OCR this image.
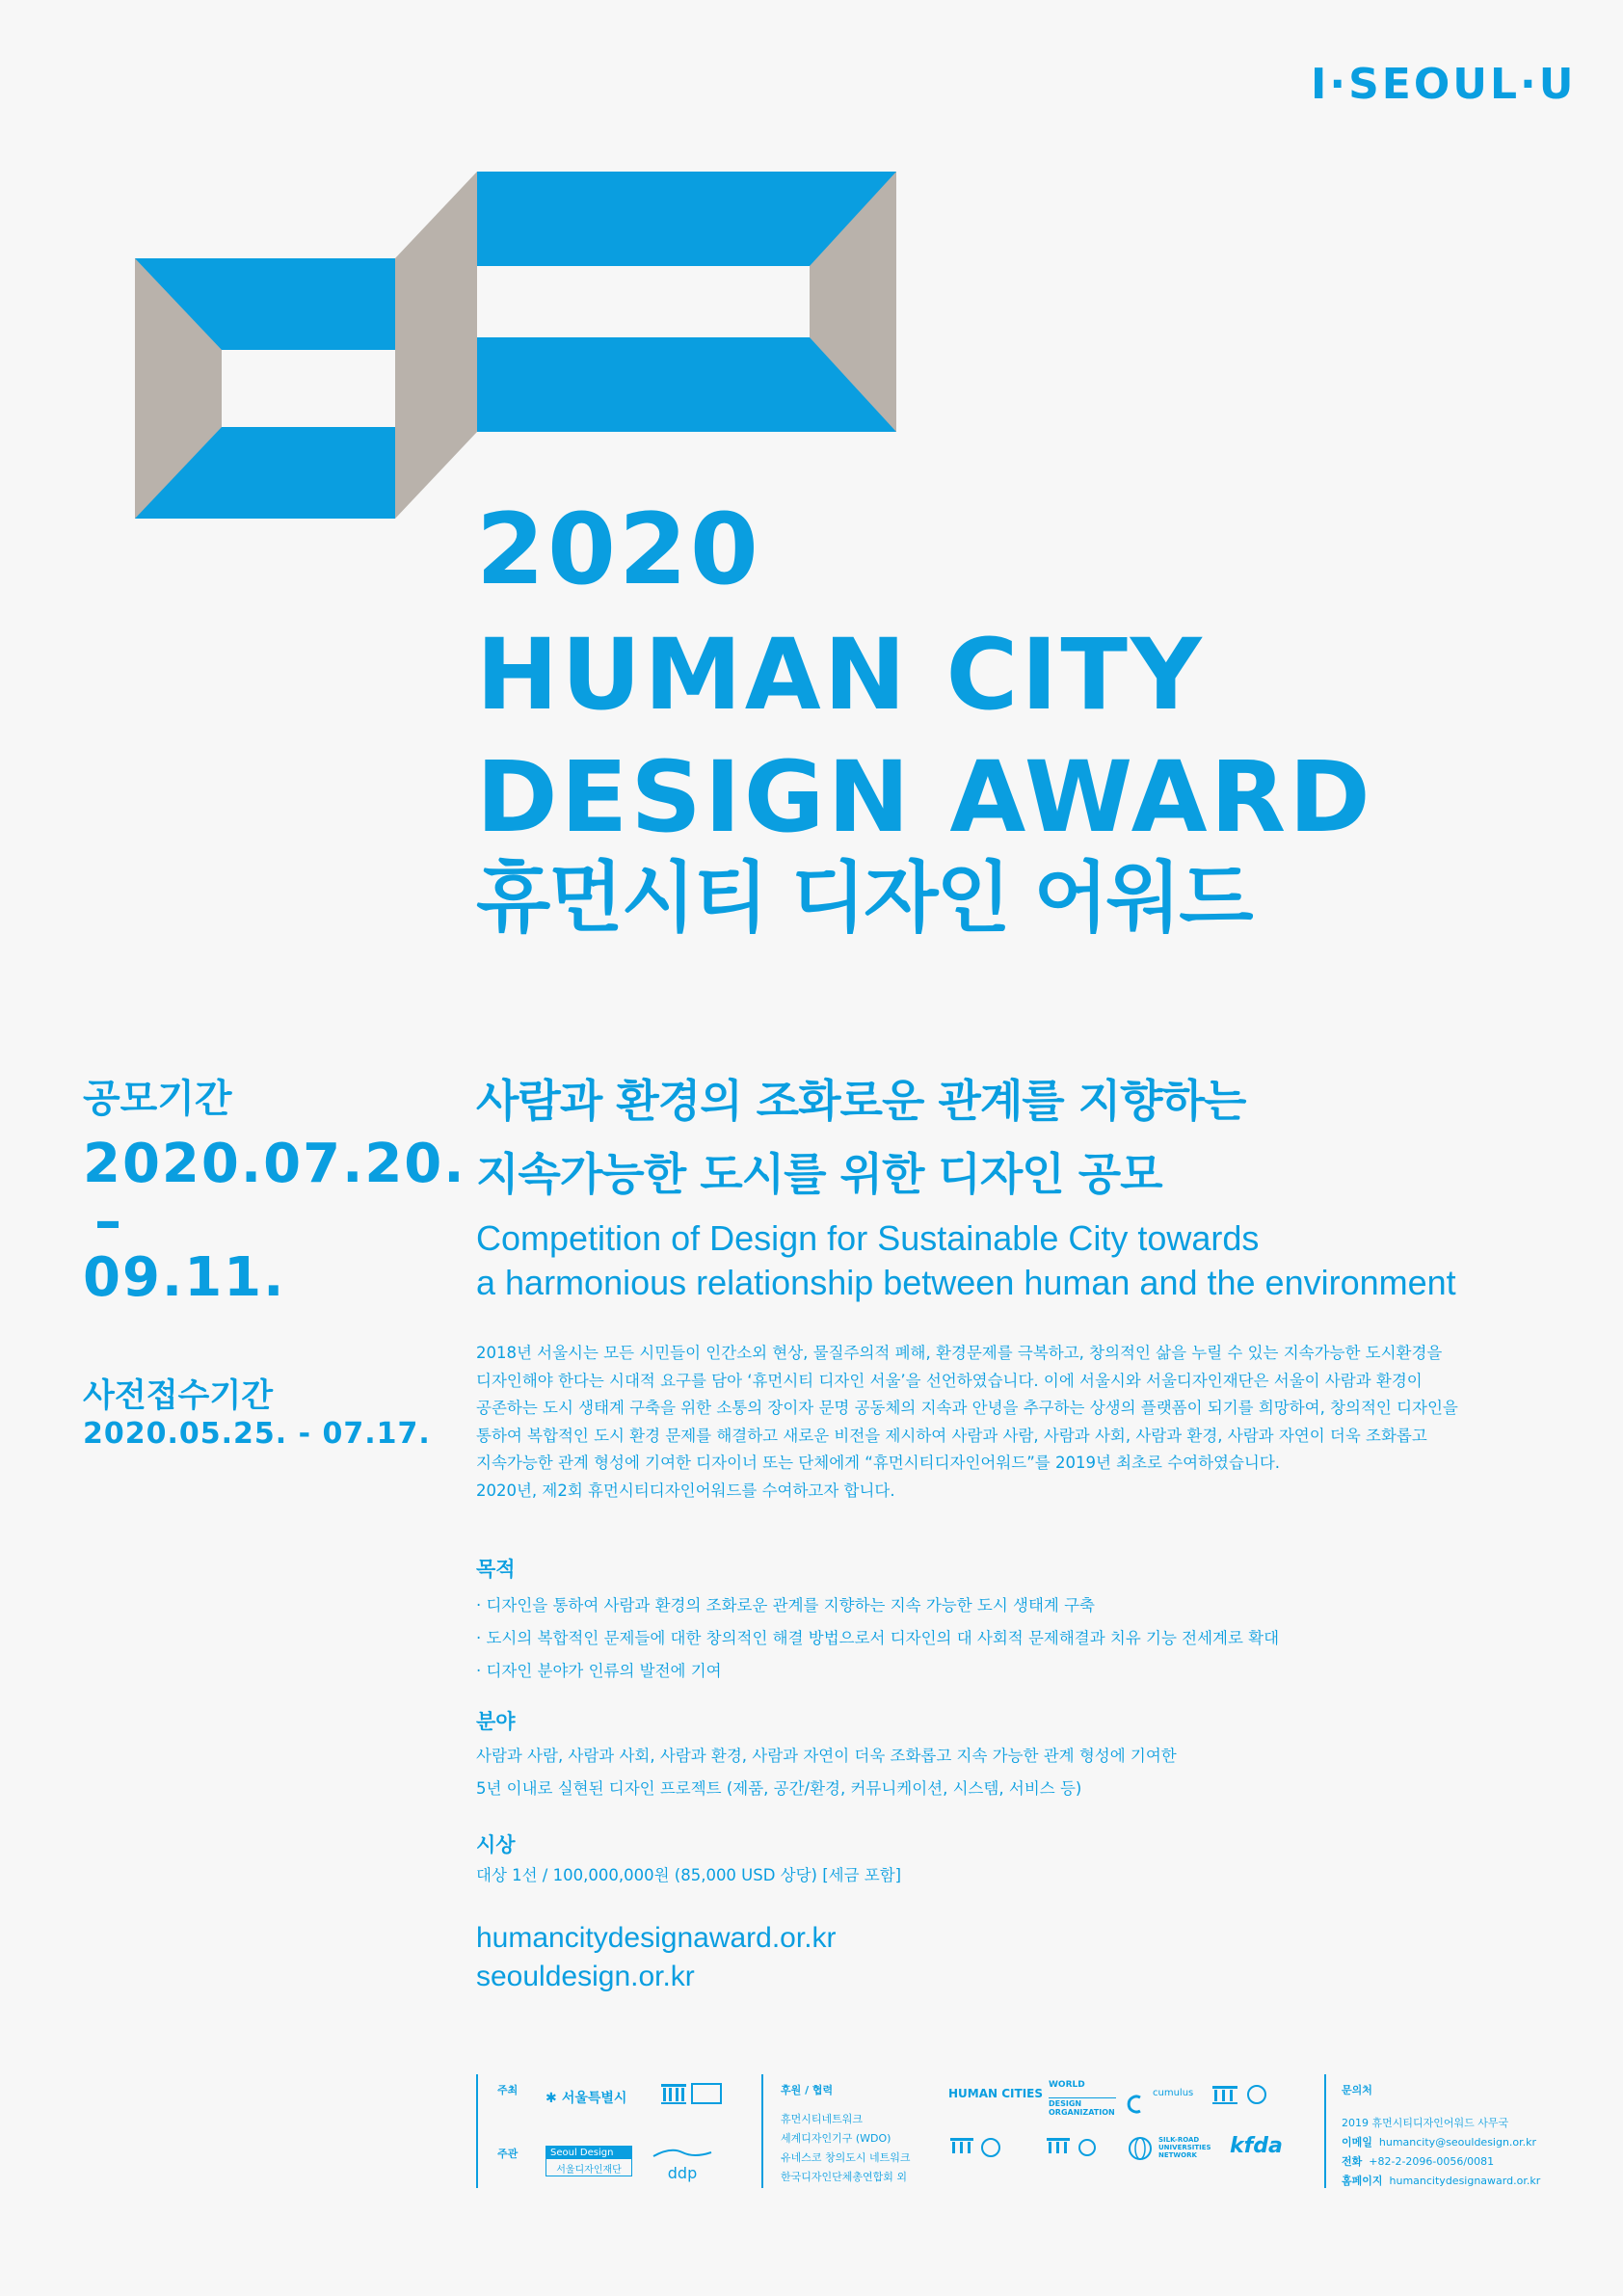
I·SEOUL·U
2020
HUMAN CITY
DESIGN AWARD
휴먼시티 디자인 어워드
공모기간
2020.07.20.
–
09.11.
사전접수기간
2020.05.25. - 07.17.
사람과 환경의 조화로운 관계를 지향하는
지속가능한 도시를 위한 디자인 공모
Competition of Design for Sustainable City towards
a harmonious relationship between human and the environment

2018년 서울시는 모든 시민들이 인간소외 현상, 물질주의적 폐해, 환경문제를 극복하고, 창의적인 삶을 누릴 수 있는 지속가능한 도시환경을

디자인해야 한다는 시대적 요구를 담아 ‘휴먼시티 디자인 서울’을 선언하였습니다. 이에 서울시와 서울디자인재단은 서울이 사람과 환경이

공존하는 도시 생태계 구축을 위한 소통의 장이자 문명 공동체의 지속과 안녕을 추구하는 상생의 플랫폼이 되기를 희망하여, 창의적인 디자인을

통하여 복합적인 도시 환경 문제를 해결하고 새로운 비전을 제시하여 사람과 사람, 사람과 사회, 사람과 환경, 사람과 자연이 더욱 조화롭고

지속가능한 관계 형성에 기여한 디자이너 또는 단체에게 “휴먼시티디자인어워드”를 2019년 최초로 수여하였습니다.

2020년, 제2회 휴먼시티디자인어워드를 수여하고자 합니다.

목적
· 디자인을 통하여 사람과 환경의 조화로운 관계를 지향하는 지속 가능한 도시 생태계 구축
· 도시의 복합적인 문제들에 대한 창의적인 해결 방법으로서 디자인의 대 사회적 문제해결과 치유 기능 전세계로 확대
· 디자인 분야가 인류의 발전에 기여
분야
사람과 사람, 사람과 사회, 사람과 환경, 사람과 자연이 더욱 조화롭고 지속 가능한 관계 형성에 기여한
5년 이내로 실현된 디자인 프로젝트 (제품, 공간/환경, 커뮤니케이션, 시스템, 서비스 등)
시상
대상 1선 / 100,000,000원 (85,000 USD 상당) [세금 포함]
humancitydesignaward.or.kr
seouldesign.or.kr
주최
주관
✱ 서울특별시
Seoul Design
서울디자인재단	ddp
후원 / 협력
휴먼시티네트워크
세계디자인기구 (WDO)
유네스코 창의도시 네트워크
한국디자인단체총연합회 외
HUMAN CITIES
WORLD
DESIGN ORGANIZATION
cumulus
SILK-ROAD UNIVERSITIES NETWORK	kfda
문의처
2019 휴먼시티디자인어워드 사무국
이메일 humancity@seouldesign.or.kr
전화 +82-2-2096-0056/0081
홈페이지 humancitydesignaward.or.kr
